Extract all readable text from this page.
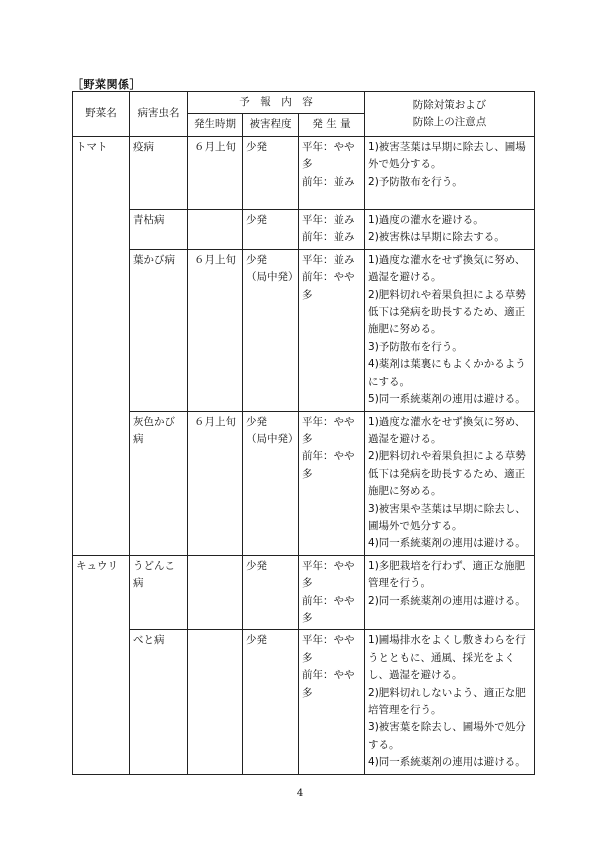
［野菜関係］
野菜名	病害虫名	予　報　内　容			防除対策および
防除上の注意点

		発生時期	被害程度	発 生 量	
トマト	疫病	６月上旬	少発	平年：やや多
前年：並み	1)被害茎葉は早期に除去し、圃場外で処分する。
2)予防散布を行う。

	青枯病		少発	平年：並み
前年：並み	1)過度の灌水を避ける。
2)被害株は早期に除去する。

	葉かび病	６月上旬	少発
（局中発）	平年：並み
前年：やや多	1)過度な灌水をせず換気に努め、過湿を避ける。
2)肥料切れや着果負担による草勢低下は発病を助長するため、適正施肥に努める。
3)予防散布を行う。
4)薬剤は葉裏にもよくかかるようにする。
5)同一系統薬剤の連用は避ける。

	灰色かび病	６月上旬	少発
（局中発）	平年：やや多
前年：やや多	1)過度な灌水をせず換気に努め、過湿を避ける。
2)肥料切れや着果負担による草勢低下は発病を助長するため、適正施肥に努める。
3)被害果や茎葉は早期に除去し、圃場外で処分する。
4)同一系統薬剤の連用は避ける。

キュウリ	うどんこ病		少発	平年：やや多
前年：やや多	1)多肥栽培を行わず、適正な施肥管理を行う。
2)同一系統薬剤の連用は避ける。

	べと病		少発	平年：やや多
前年：やや多	1)圃場排水をよくし敷きわらを行うとともに、通風、採光をよくし、過湿を避ける。
2)肥料切れしないよう、適正な肥培管理を行う。
3)被害葉を除去し、圃場外で処分する。
4)同一系統薬剤の連用は避ける。
4
